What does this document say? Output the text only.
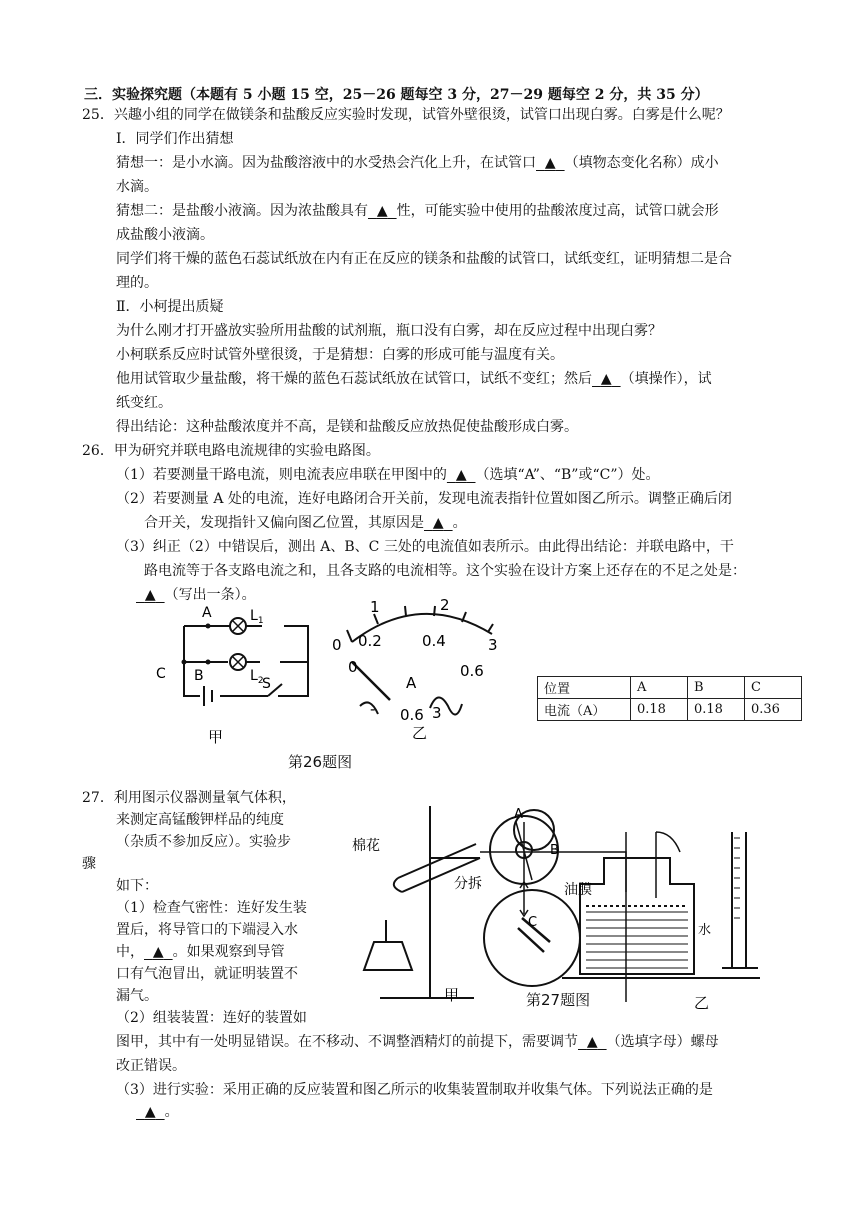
三．实验探究题（本题有 5 小题 15 空，25－26 题每空 3 分，27－29 题每空 2 分，共 35 分）
25．兴趣小组的同学在做镁条和盐酸反应实验时发现，试管外壁很烫，试管口出现白雾。白雾是什么呢？
Ⅰ．同学们作出猜想
猜想一：是小水滴。因为盐酸溶液中的水受热会汽化上升，在试管口 ▲ （填物态变化名称）成小
水滴。
猜想二：是盐酸小液滴。因为浓盐酸具有 ▲ 性，可能实验中使用的盐酸浓度过高，试管口就会形
成盐酸小液滴。
同学们将干燥的蓝色石蕊试纸放在内有正在反应的镁条和盐酸的试管口，试纸变红，证明猜想二是合
理的。
Ⅱ．小柯提出质疑
为什么刚才打开盛放实验所用盐酸的试剂瓶，瓶口没有白雾，却在反应过程中出现白雾？
小柯联系反应时试管外壁很烫，于是猜想：白雾的形成可能与温度有关。
他用试管取少量盐酸，将干燥的蓝色石蕊试纸放在试管口，试纸不变红；然后 ▲ （填操作），试
纸变红。
得出结论：这种盐酸浓度并不高，是镁和盐酸反应放热促使盐酸形成白雾。
26．甲为研究并联电路电流规律的实验电路图。
（1）若要测量干路电流，则电流表应串联在甲图中的 ▲ （选填“A”、“B”或“C”）处。
（2）若要测量 A 处的电流，连好电路闭合开关前，发现电流表指针位置如图乙所示。调整正确后闭
合开关，发现指针又偏向图乙位置，其原因是 ▲ 。
（3）纠正（2）中错误后，测出 A、B、C 三处的电流值如表所示。由此得出结论：并联电路中，干
路电流等于各支路电流之和，且各支路的电流相等。这个实验在设计方案上还存在的不足之处是：
▲ （写出一条）。
A
B
C
$L_1$
$L_2$
S
甲
0 0.2	0.4
0.6
0
1	2
3
A
- 0.6 3
乙
第26题图
位置	A	B	C
电流（A）	0.18	0.18	0.36
27．利用图示仪器测量氧气体积，
来测定高锰酸钾样品的纯度
（杂质不参加反应）。实验步
骤
如下：
（1）检查气密性：连好发生装
置后，将导管口的下端浸入水
中， ▲ 。如果观察到导管
口有气泡冒出，就证明装置不
漏气。
（2）组装装置：连好的装置如
图甲，其中有一处明显错误。在不移动、不调整酒精灯的前提下，需要调节 ▲ （选填字母）螺母
改正错误。
（3）进行实验：采用正确的反应装置和图乙所示的收集装置制取并收集气体。下列说法正确的是
▲ 。
棉花
分拆
A
B
C
油膜
水
甲	乙
第27题图
